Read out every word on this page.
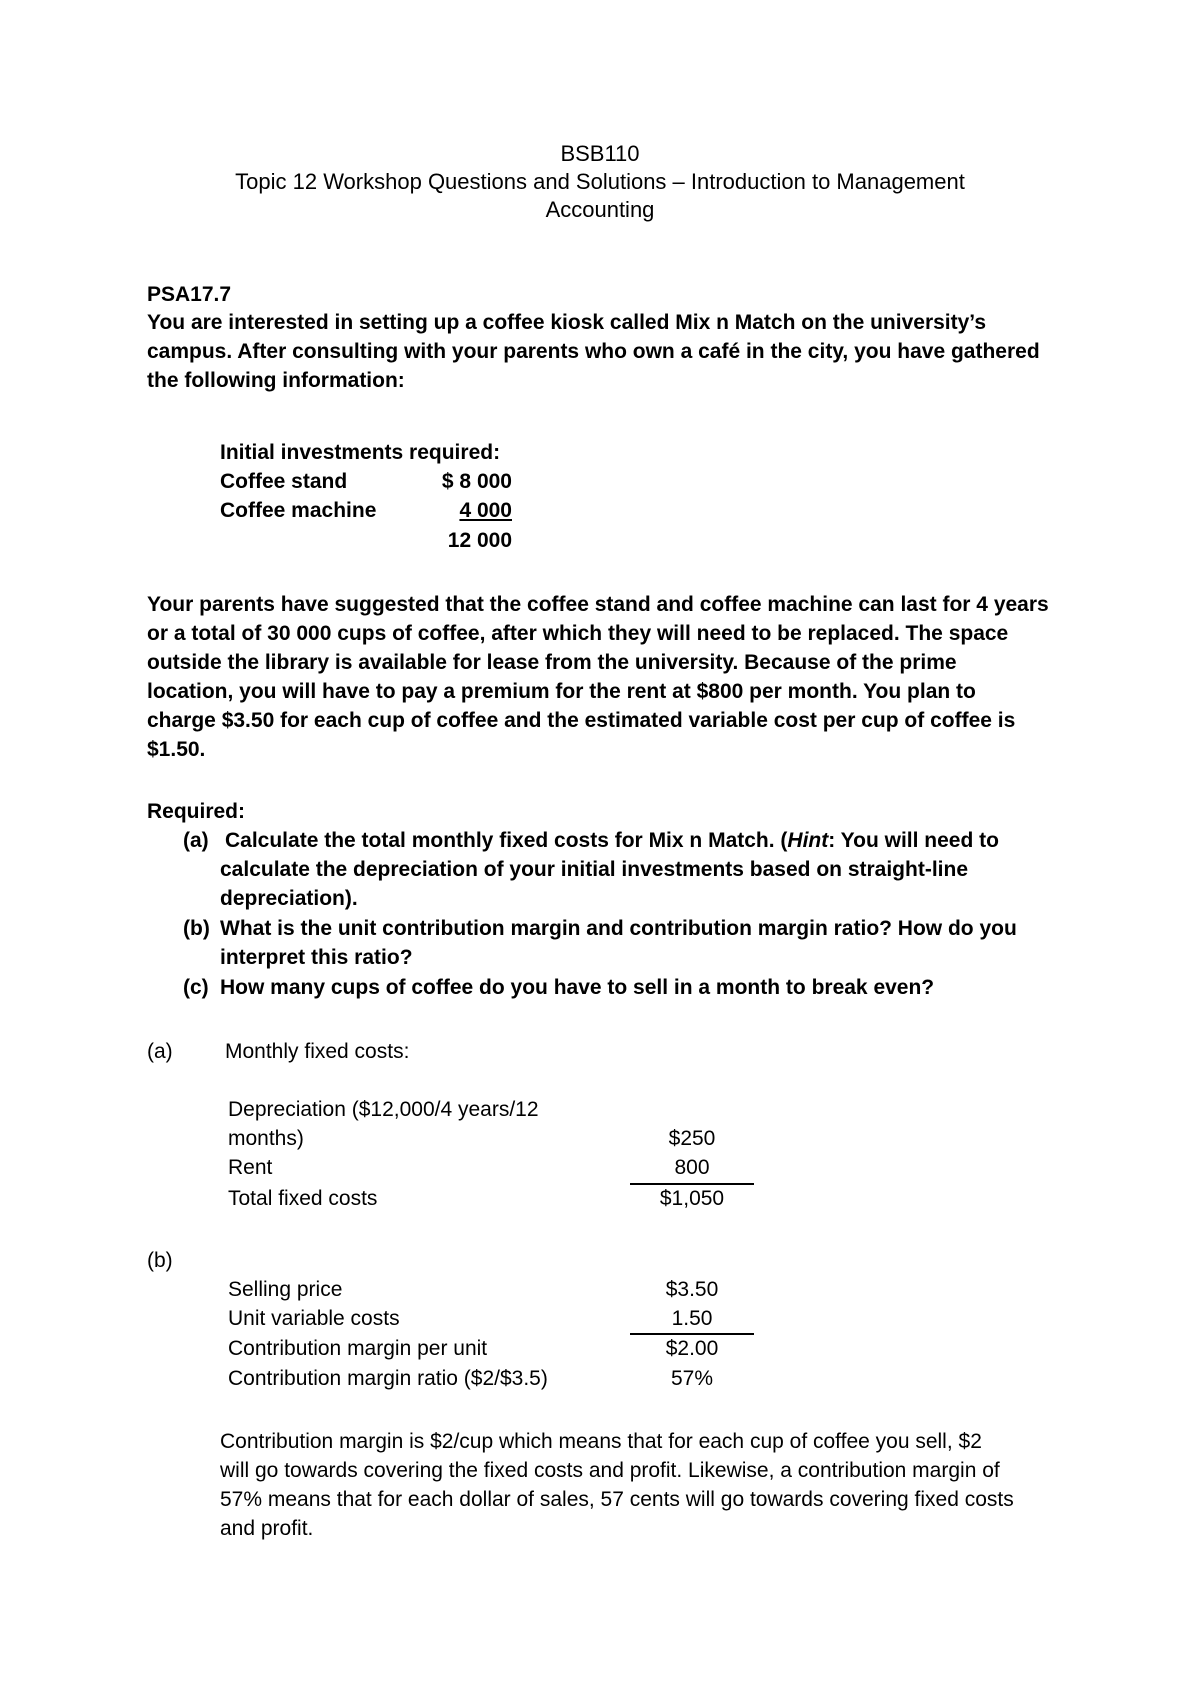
BSB110
Topic 12 Workshop Questions and Solutions – Introduction to Management
Accounting
PSA17.7
You are interested in setting up a coffee kiosk called Mix n Match on the university’s
campus. After consulting with your parents who own a café in the city, you have gathered
the following information:
Initial investments required:
Coffee stand	$ 8 000
Coffee machine	4 000
12 000
Your parents have suggested that the coffee stand and coffee machine can last for 4 years
or a total of 30 000 cups of coffee, after which they will need to be replaced. The space
outside the library is available for lease from the university. Because of the prime
location, you will have to pay a premium for the rent at $800 per month. You plan to
charge $3.50 for each cup of coffee and the estimated variable cost per cup of coffee is
$1.50.
Required:
(a) Calculate the total monthly fixed costs for Mix n Match. (Hint: You will need to
calculate the depreciation of your initial investments based on straight-line
depreciation).
(b) What is the unit contribution margin and contribution margin ratio? How do you
interpret this ratio?
(c) How many cups of coffee do you have to sell in a month to break even?
(a) Monthly fixed costs:
Depreciation ($12,000/4 years/12
months)	$250
Rent	800
Total fixed costs	$1,050
(b)
Selling price	$3.50
Unit variable costs	1.50
Contribution margin per unit	$2.00
Contribution margin ratio ($2/$3.5)	57%
Contribution margin is $2/cup which means that for each cup of coffee you sell, $2
will go towards covering the fixed costs and profit. Likewise, a contribution margin of
57% means that for each dollar of sales, 57 cents will go towards covering fixed costs
and profit.
